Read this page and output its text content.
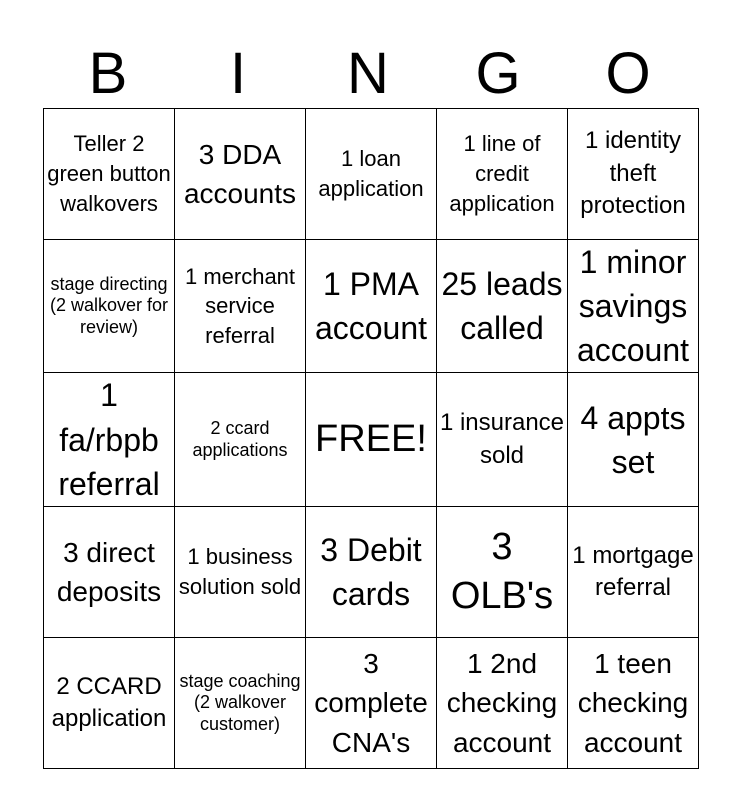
B	I	N	G	O
Teller 2 green button walkovers	3 DDA accounts	1 loan application	1 line of credit application	1 identity theft protection

stage directing (2 walkover for review)	1 merchant service referral	1 PMA account	25 leads called	1 minor savings account

1 fa/rbpb referral	2 ccard applications	FREE!	1 insurance sold	4 appts set

3 direct deposits	1 business solution sold	3 Debit cards	3 OLB's	1 mortgage referral

2 CCARD application	stage coaching (2 walkover customer)	3 complete CNA's	1 2nd checking account	1 teen checking account
